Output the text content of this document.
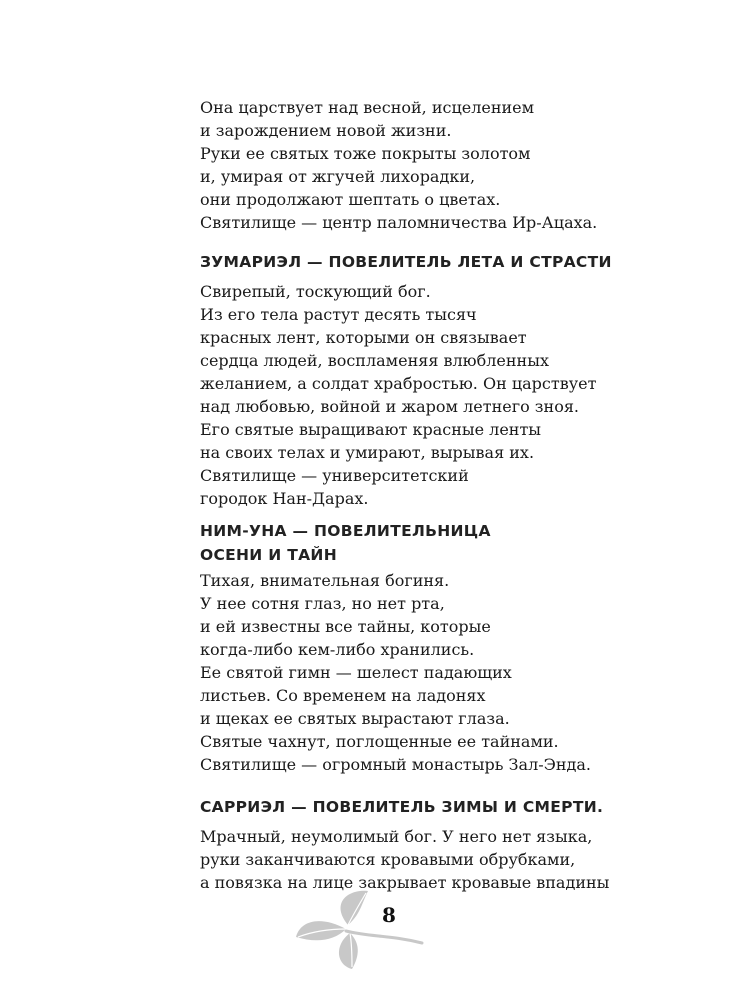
Она царствует над весной, исцелением
и зарождением новой жизни.
Руки ее святых тоже покрыты золотом
и, умирая от жгучей лихорадки,
они продолжают шептать о цветах.
Святилище — центр паломничества Ир-Ацаха.
ЗУМАРИЭЛ — ПОВЕЛИТЕЛЬ ЛЕТА И СТРАСТИ
Свирепый, тоскующий бог.
Из его тела растут десять тысяч
красных лент, которыми он связывает
сердца людей, воспламеняя влюбленных
желанием, а солдат храбростью. Он царствует
над любовью, войной и жаром летнего зноя.
Его святые выращивают красные ленты
на своих телах и умирают, вырывая их.
Святилище — университетский
городок Нан-Дарах.
НИМ-УНА — ПОВЕЛИТЕЛЬНИЦА
ОСЕНИ И ТАЙН
Тихая, внимательная богиня.
У нее сотня глаз, но нет рта,
и ей известны все тайны, которые
когда-либо кем-либо хранились.
Ее святой гимн — шелест падающих
листьев. Со временем на ладонях
и щеках ее святых вырастают глаза.
Святые чахнут, поглощенные ее тайнами.
Святилище — огромный монастырь Зал-Энда.
САРРИЭЛ — ПОВЕЛИТЕЛЬ ЗИМЫ И СМЕРТИ.
Мрачный, неумолимый бог. У него нет языка,
руки заканчиваются кровавыми обрубками,
а повязка на лице закрывает кровавые впадины
8
